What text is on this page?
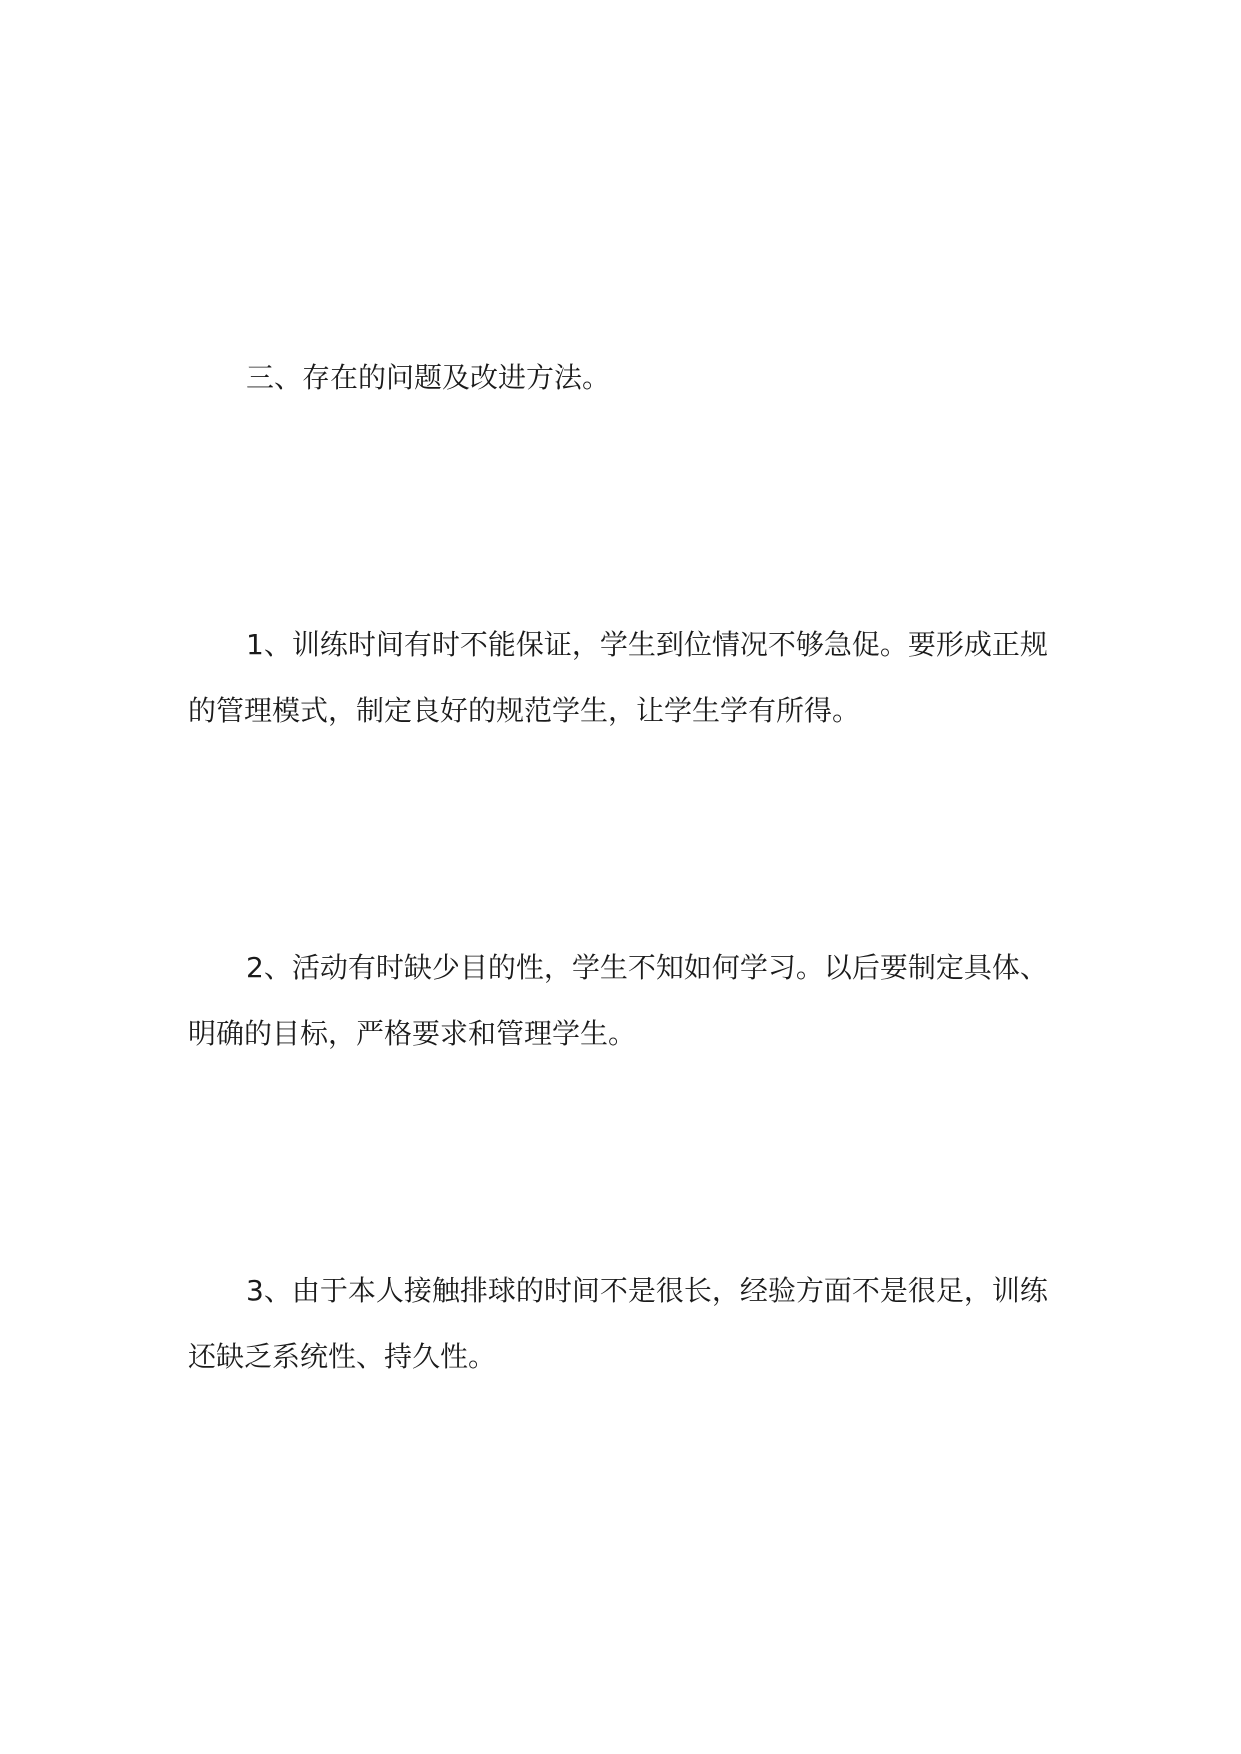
三、存在的问题及改进方法。

1、训练时间有时不能保证，学生到位情况不够急促。要形成正规的管理模式，制定良好的规范学生，让学生学有所得。

2、活动有时缺少目的性，学生不知如何学习。以后要制定具体、明确的目标，严格要求和管理学生。

3、由于本人接触排球的时间不是很长，经验方面不是很足，训练还缺乏系统性、持久性。
